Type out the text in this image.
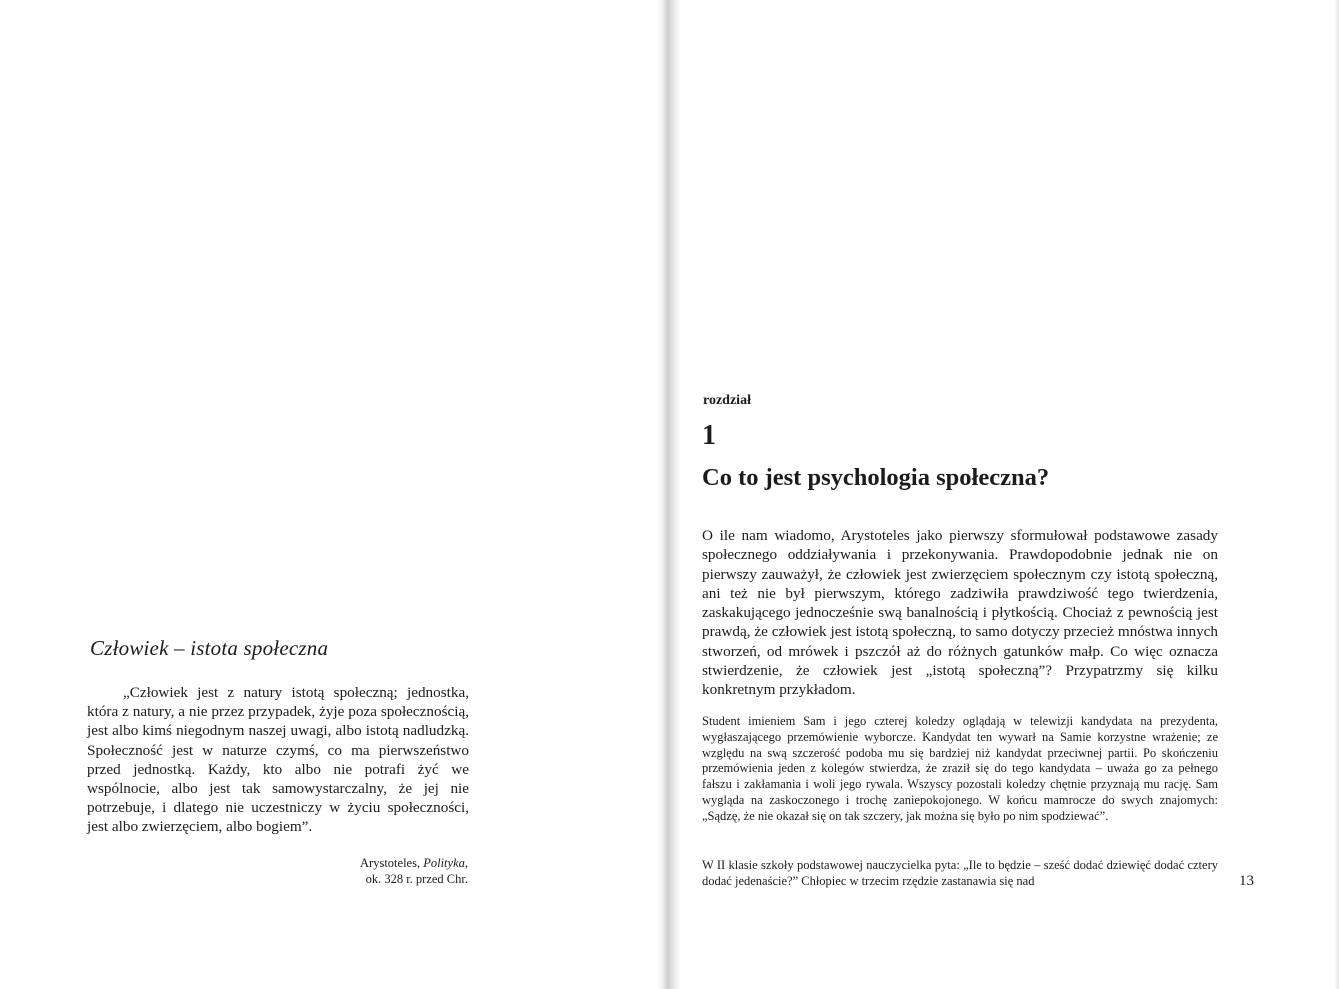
Człowiek – istota społeczna

„Człowiek jest z natury istotą społeczną; jednostka, która z natury, a nie przez przypadek, żyje poza społecznością, jest albo kimś niegodnym naszej uwagi, albo istotą nadludzką. Społeczność jest w naturze czymś, co ma pierwszeństwo przed jednostką. Każdy, kto albo nie potrafi żyć we wspólnocie, albo jest tak samowystarczalny, że jej nie potrzebuje, i dlatego nie uczestniczy w życiu społeczności, jest albo zwierzęciem, albo bogiem”.

Arystoteles, Polityka,
ok. 328 r. przed Chr.

rozdział
1
Co to jest psychologia społeczna?

O ile nam wiadomo, Arystoteles jako pierwszy sformułował podstawowe zasady społecznego oddziaływania i przekonywania. Prawdopodobnie jednak nie on pierwszy zauważył, że człowiek jest zwierzęciem społecznym czy istotą społeczną, ani też nie był pierwszym, którego zadziwiła prawdziwość tego twierdzenia, zaskakującego jednocześnie swą banalnością i płytkością. Chociaż z pewnością jest prawdą, że człowiek jest istotą społeczną, to samo dotyczy przecież mnóstwa innych stworzeń, od mrówek i pszczół aż do różnych gatunków małp. Co więc oznacza stwierdzenie, że człowiek jest „istotą społeczną”? Przypatrzmy się kilku konkretnym przykładom.

Student imieniem Sam i jego czterej koledzy oglądają w telewizji kandydata na prezydenta, wygłaszającego przemówienie wyborcze. Kandydat ten wywarł na Samie korzystne wrażenie; ze względu na swą szczerość podoba mu się bardziej niż kandydat przeciwnej partii. Po skończeniu przemówienia jeden z kolegów stwierdza, że zraził się do tego kandydata – uważa go za pełnego fałszu i zakłamania i woli jego rywala. Wszyscy pozostali koledzy chętnie przyznają mu rację. Sam wygląda na zaskoczonego i trochę zaniepokojonego. W końcu mamrocze do swych znajomych: „Sądzę, że nie okazał się on tak szczery, jak można się było po nim spodziewać”.

W II klasie szkoły podstawowej nauczycielka pyta: „Ile to będzie – sześć dodać dziewięć dodać cztery dodać jedenaście?” Chłopiec w trzecim rzędzie zastanawia się nad	13
